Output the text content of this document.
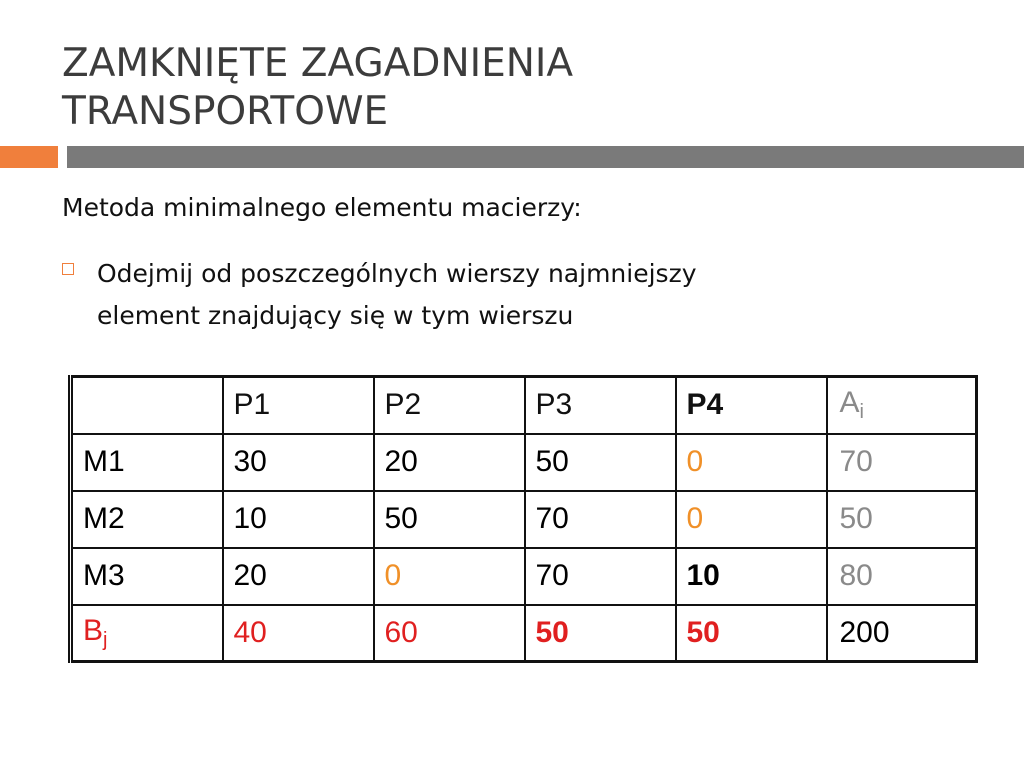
ZAMKNIĘTE ZAGADNIENIA
TRANSPORTOWE
Metoda minimalnego elementu macierzy:
Odejmij od poszczególnych wierszy najmniejszy
element znajdujący się w tym wierszu
	P1	P2	P3	P4	$A_i$
M1	30	20	50	0	70
M2	10	50	70	0	50
M3	20	0	70	10	80
$B_j$	40	60	50	50	200
